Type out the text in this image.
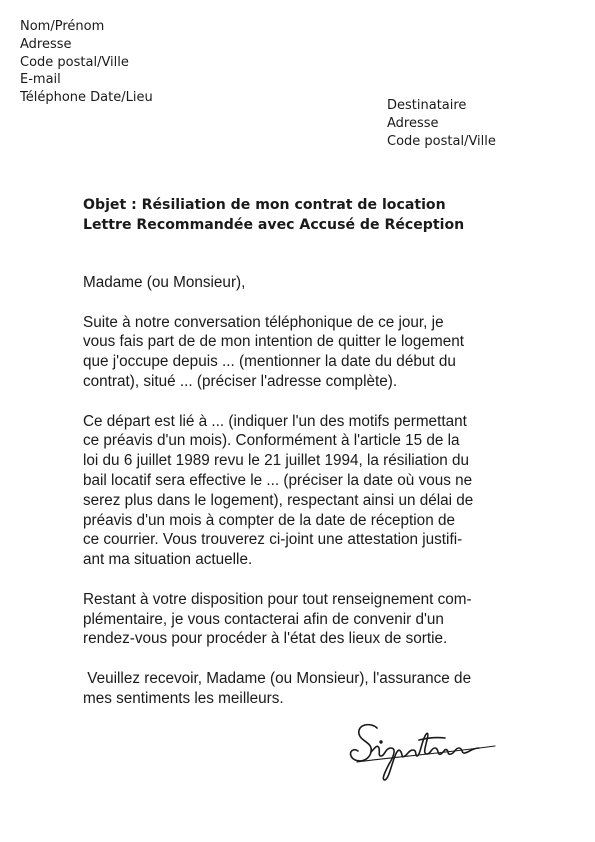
Nom/Prénom
Adresse
Code postal/Ville
E-mail
Téléphone Date/Lieu
Destinataire
Adresse
Code postal/Ville
Objet : Résiliation de mon contrat de location
Lettre Recommandée avec Accusé de Réception

Madame (ou Monsieur),

Suite à notre conversation téléphonique de ce jour, je
vous fais part de de mon intention de quitter le logement
que j'occupe depuis ... (mentionner la date du début du
contrat), situé ... (préciser l'adresse complète).

Ce départ est lié à ... (indiquer l'un des motifs permettant
ce préavis d'un mois). Conformément à l'article 15 de la
loi du 6 juillet 1989 revu le 21 juillet 1994, la résiliation du
bail locatif sera effective le ... (préciser la date où vous ne
serez plus dans le logement), respectant ainsi un délai de
préavis d'un mois à compter de la date de réception de
ce courrier. Vous trouverez ci-joint une attestation justifi-
ant ma situation actuelle.

Restant à votre disposition pour tout renseignement com-
plémentaire, je vous contacterai afin de convenir d'un
rendez-vous pour procéder à l'état des lieux de sortie.

Veuillez recevoir, Madame (ou Monsieur), l'assurance de
mes sentiments les meilleurs.
